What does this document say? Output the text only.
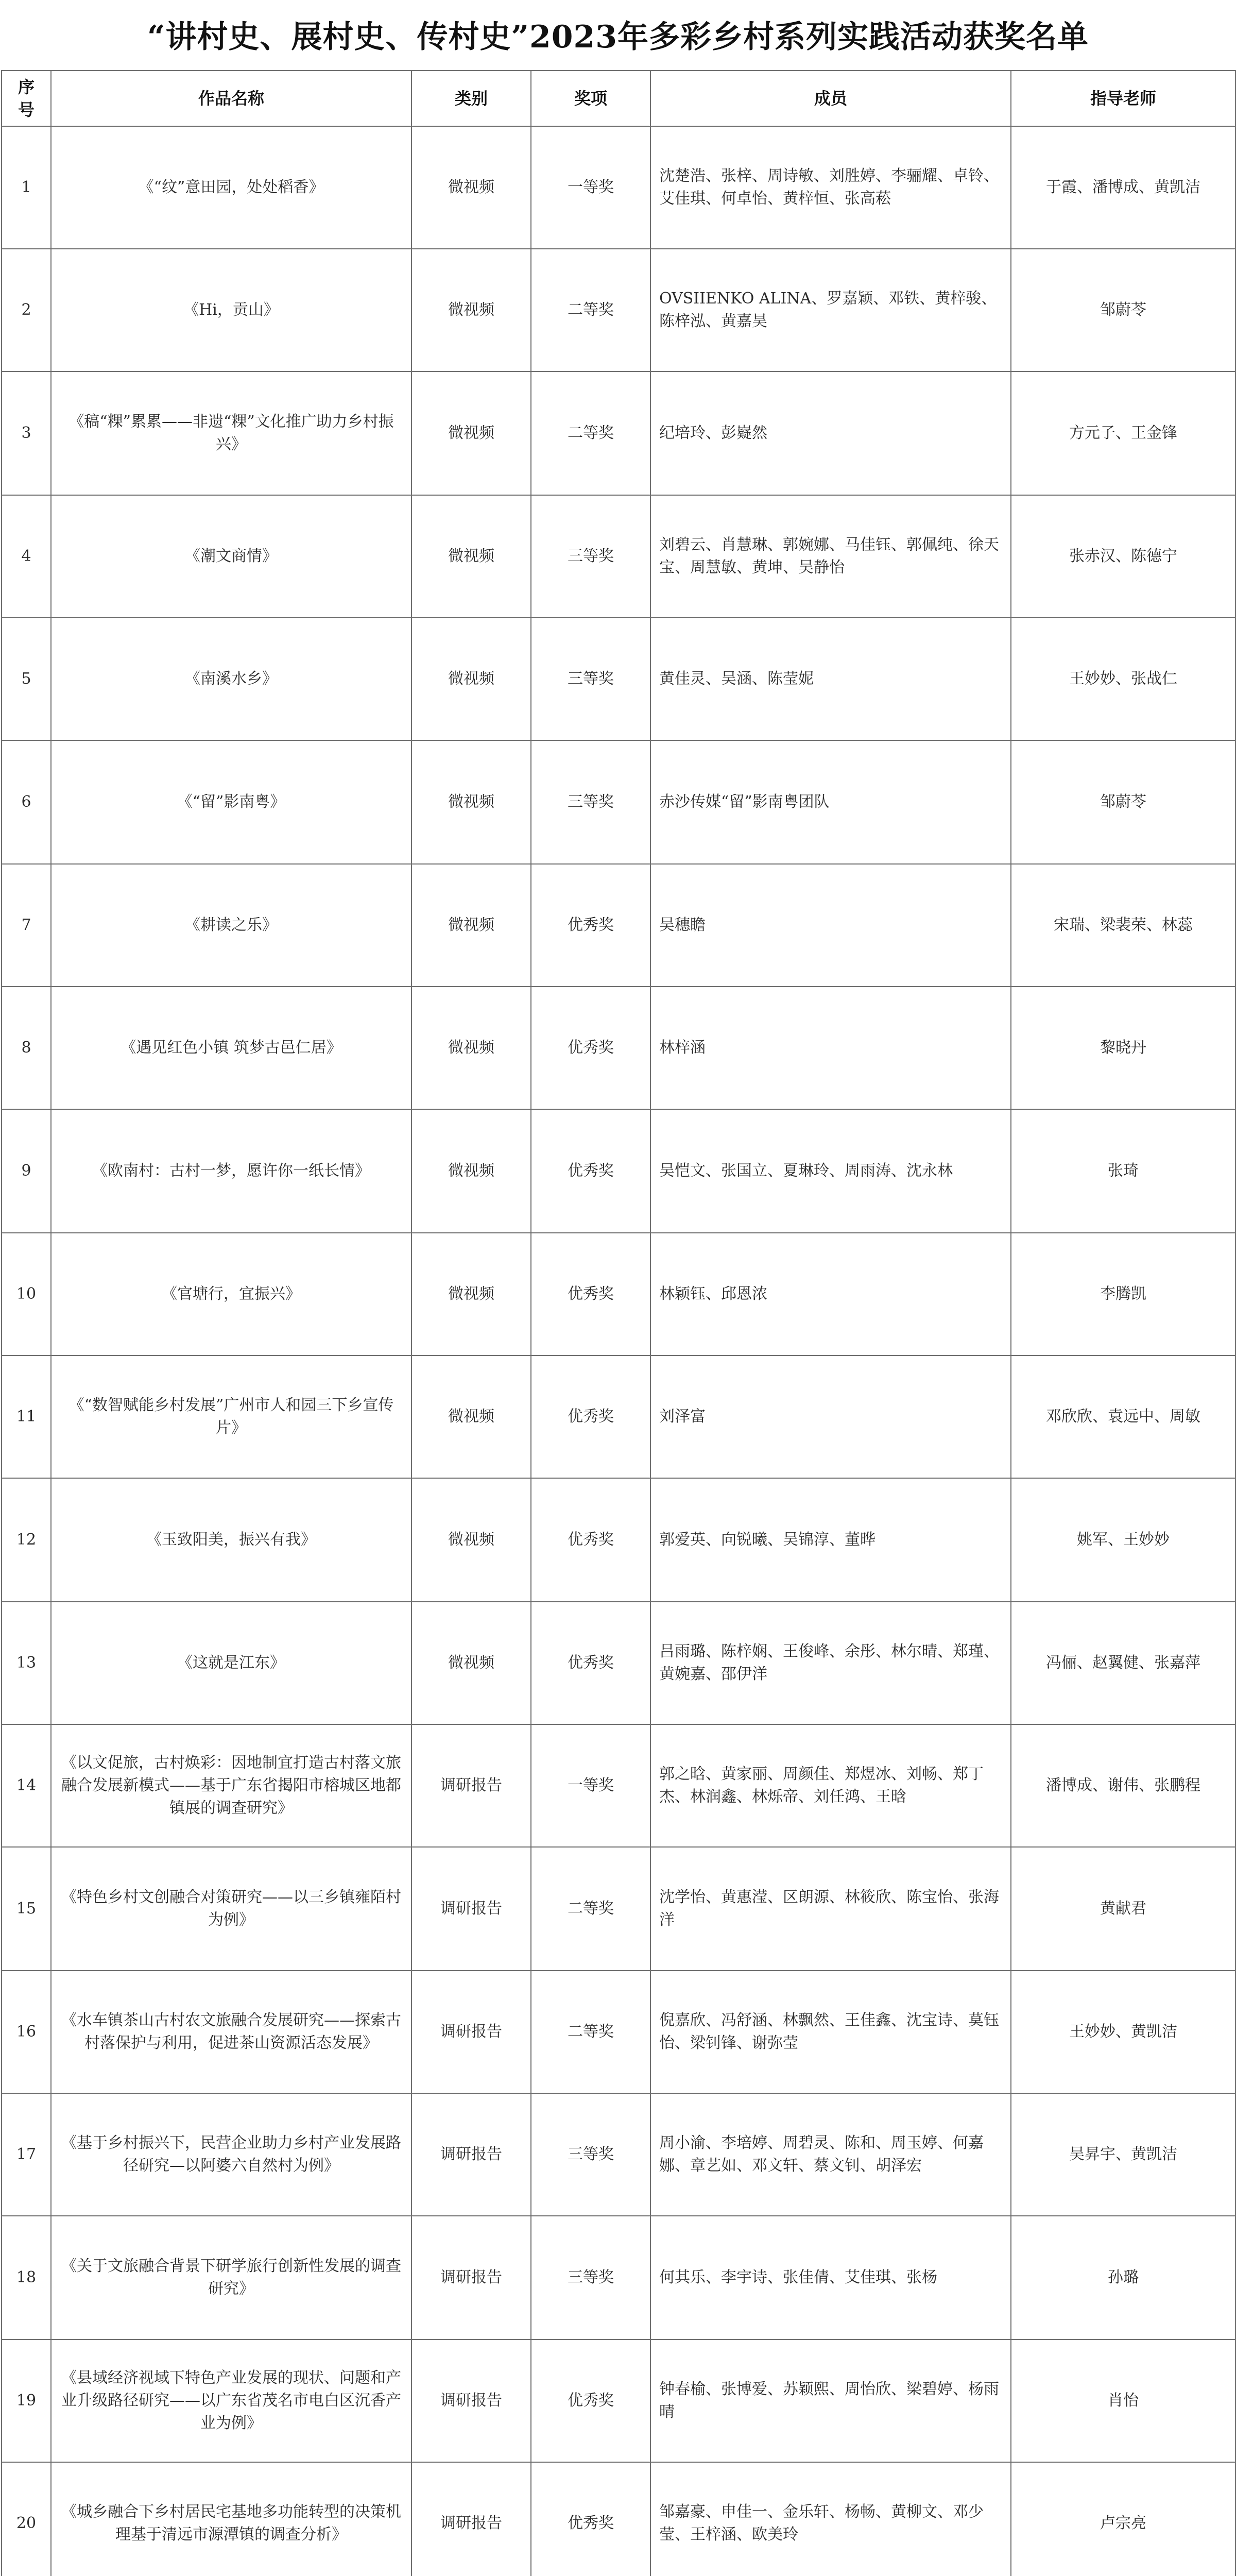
“讲村史、展村史、传村史”2023年多彩乡村系列实践活动获奖名单
序号	作品名称	类别	奖项	成员	指导老师
1	《“纹”意田园，处处稻香》	微视频	一等奖	沈楚浩、张梓、周诗敏、刘胜婷、李骊耀、卓铃、艾佳琪、何卓怡、黄梓恒、张高菘	于霞、潘博成、黄凯洁
2	《Hi，贡山》	微视频	二等奖	OVSIIENKO ALINA、罗嘉颖、邓铁、黄梓骏、陈梓泓、黄嘉昊	邹蔚苓
3	《稿“粿”累累——非遗“粿”文化推广助力乡村振兴》	微视频	二等奖	纪培玲、彭嶷然	方元子、王金锋
4	《潮文商情》	微视频	三等奖	刘碧云、肖慧琳、郭婉娜、马佳钰、郭佩纯、徐天宝、周慧敏、黄坤、吴静怡	张赤汉、陈德宁
5	《南溪水乡》	微视频	三等奖	黄佳灵、吴涵、陈莹妮	王妙妙、张战仁
6	《“留”影南粤》	微视频	三等奖	赤沙传媒“留”影南粤团队	邹蔚苓
7	《耕读之乐》	微视频	优秀奖	吴穗瞻	宋瑞、梁裴荣、林蕊
8	《遇见红色小镇 筑梦古邑仁居》	微视频	优秀奖	林梓涵	黎晓丹
9	《欧南村：古村一梦，愿许你一纸长情》	微视频	优秀奖	吴恺文、张国立、夏琳玲、周雨涛、沈永林	张琦
10	《官塘行，宜振兴》	微视频	优秀奖	林颖钰、邱恩浓	李腾凯
11	《“数智赋能乡村发展”广州市人和园三下乡宣传片》	微视频	优秀奖	刘泽富	邓欣欣、袁远中、周敏
12	《玉致阳美，振兴有我》	微视频	优秀奖	郭爱英、向锐曦、吴锦淳、董晔	姚军、王妙妙
13	《这就是江东》	微视频	优秀奖	吕雨璐、陈梓娴、王俊峰、余彤、林尔晴、郑瑾、黄婉嘉、邵伊洋	冯俪、赵翼健、张嘉萍
14	《以文促旅，古村焕彩：因地制宜打造古村落文旅融合发展新模式——基于广东省揭阳市榕城区地都镇展的调查研究》	调研报告	一等奖	郭之晗、黄家丽、周颜佳、郑煜冰、刘畅、郑丁杰、林润鑫、林烁帝、刘任鸿、王晗	潘博成、谢伟、张鹏程
15	《特色乡村文创融合对策研究——以三乡镇雍陌村为例》	调研报告	二等奖	沈学怡、黄惠滢、区朗源、林筱欣、陈宝怡、张海洋	黄献君
16	《水车镇茶山古村农文旅融合发展研究——探索古村落保护与利用，促进茶山资源活态发展》	调研报告	二等奖	倪嘉欣、冯舒涵、林飘然、王佳鑫、沈宝诗、莫钰怡、梁钊锋、谢弥莹	王妙妙、黄凯洁
17	《基于乡村振兴下，民营企业助力乡村产业发展路径研究—以阿婆六自然村为例》	调研报告	三等奖	周小渝、李培婷、周碧灵、陈和、周玉婷、何嘉娜、章艺如、邓文轩、蔡文钊、胡泽宏	吴昇宇、黄凯洁
18	《关于文旅融合背景下研学旅行创新性发展的调查研究》	调研报告	三等奖	何其乐、李宇诗、张佳倩、艾佳琪、张杨	孙璐
19	《县域经济视域下特色产业发展的现状、问题和产业升级路径研究——以广东省茂名市电白区沉香产业为例》	调研报告	优秀奖	钟春榆、张博爱、苏颖熙、周怡欣、梁碧婷、杨雨晴	肖怡
20	《城乡融合下乡村居民宅基地多功能转型的决策机理基于清远市源潭镇的调查分析》	调研报告	优秀奖	邹嘉豪、申佳一、金乐轩、杨畅、黄柳文、邓少莹、王梓涵、欧美玲	卢宗亮
